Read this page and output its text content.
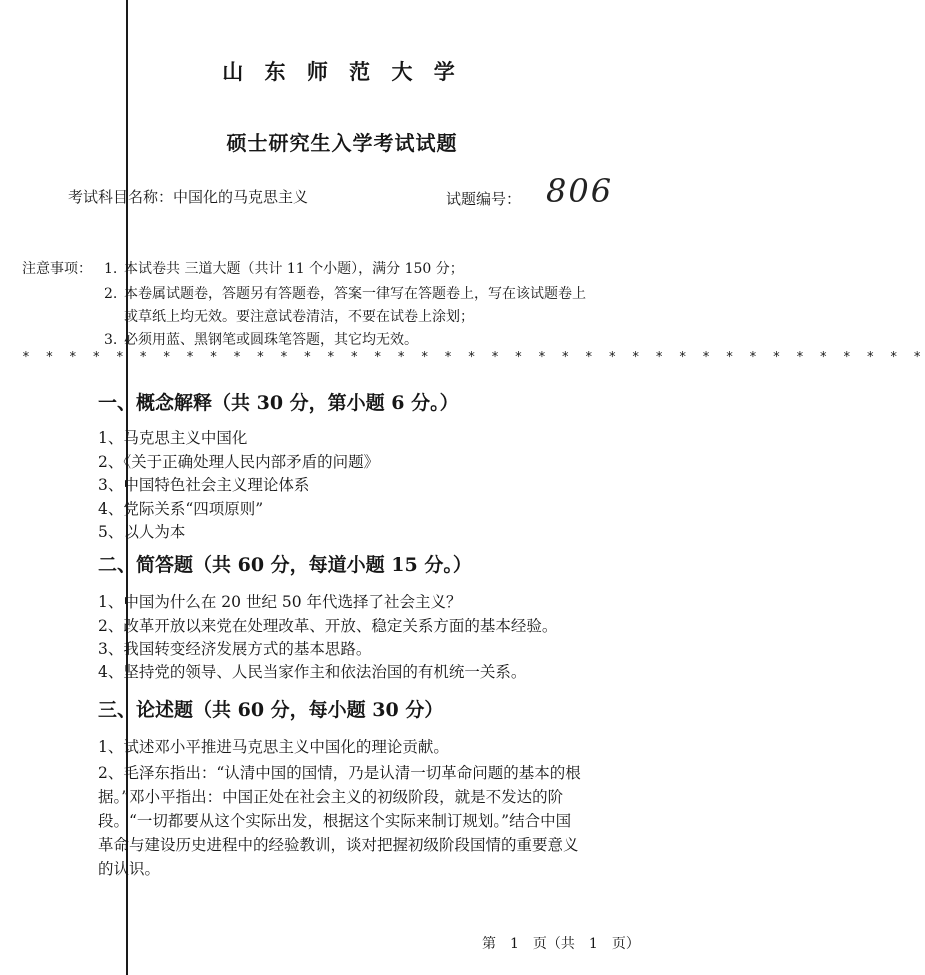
山 东 师 范 大 学
硕士研究生入学考试试题
考试科目名称：中国化的马克思主义	试题编号： 806
注意事项： 1. 本试卷共 三道大题（共计 11 个小题），满分 150 分；
2. 本卷属试题卷，答题另有答题卷，答案一律写在答题卷上，写在该试题卷上
或草纸上均无效。要注意试卷清洁，不要在试卷上涂划；
3. 必须用蓝、黑钢笔或圆珠笔答题，其它均无效。
* * * * * * * * * * * * * * * * * * * * * * * * * * * * * * * * * * * * * * *
一、概念解释（共 30 分，第小题 6 分。）
1、马克思主义中国化
2、《关于正确处理人民内部矛盾的问题》
3、中国特色社会主义理论体系
4、党际关系“四项原则”
5、以人为本
二、简答题（共 60 分，每道小题 15 分。）
1、中国为什么在 20 世纪 50 年代选择了社会主义？
2、改革开放以来党在处理改革、开放、稳定关系方面的基本经验。
3、我国转变经济发展方式的基本思路。
4、坚持党的领导、人民当家作主和依法治国的有机统一关系。
三、论述题（共 60 分，每小题 30 分）
1、试述邓小平推进马克思主义中国化的理论贡献。
2、毛泽东指出：“认清中国的国情，乃是认清一切革命问题的基本的根
据。”邓小平指出：中国正处在社会主义的初级阶段，就是不发达的阶
段。“一切都要从这个实际出发，根据这个实际来制订规划。”结合中国
革命与建设历史进程中的经验教训，谈对把握初级阶段国情的重要意义
的认识。
第　1　页（共　1　页）
